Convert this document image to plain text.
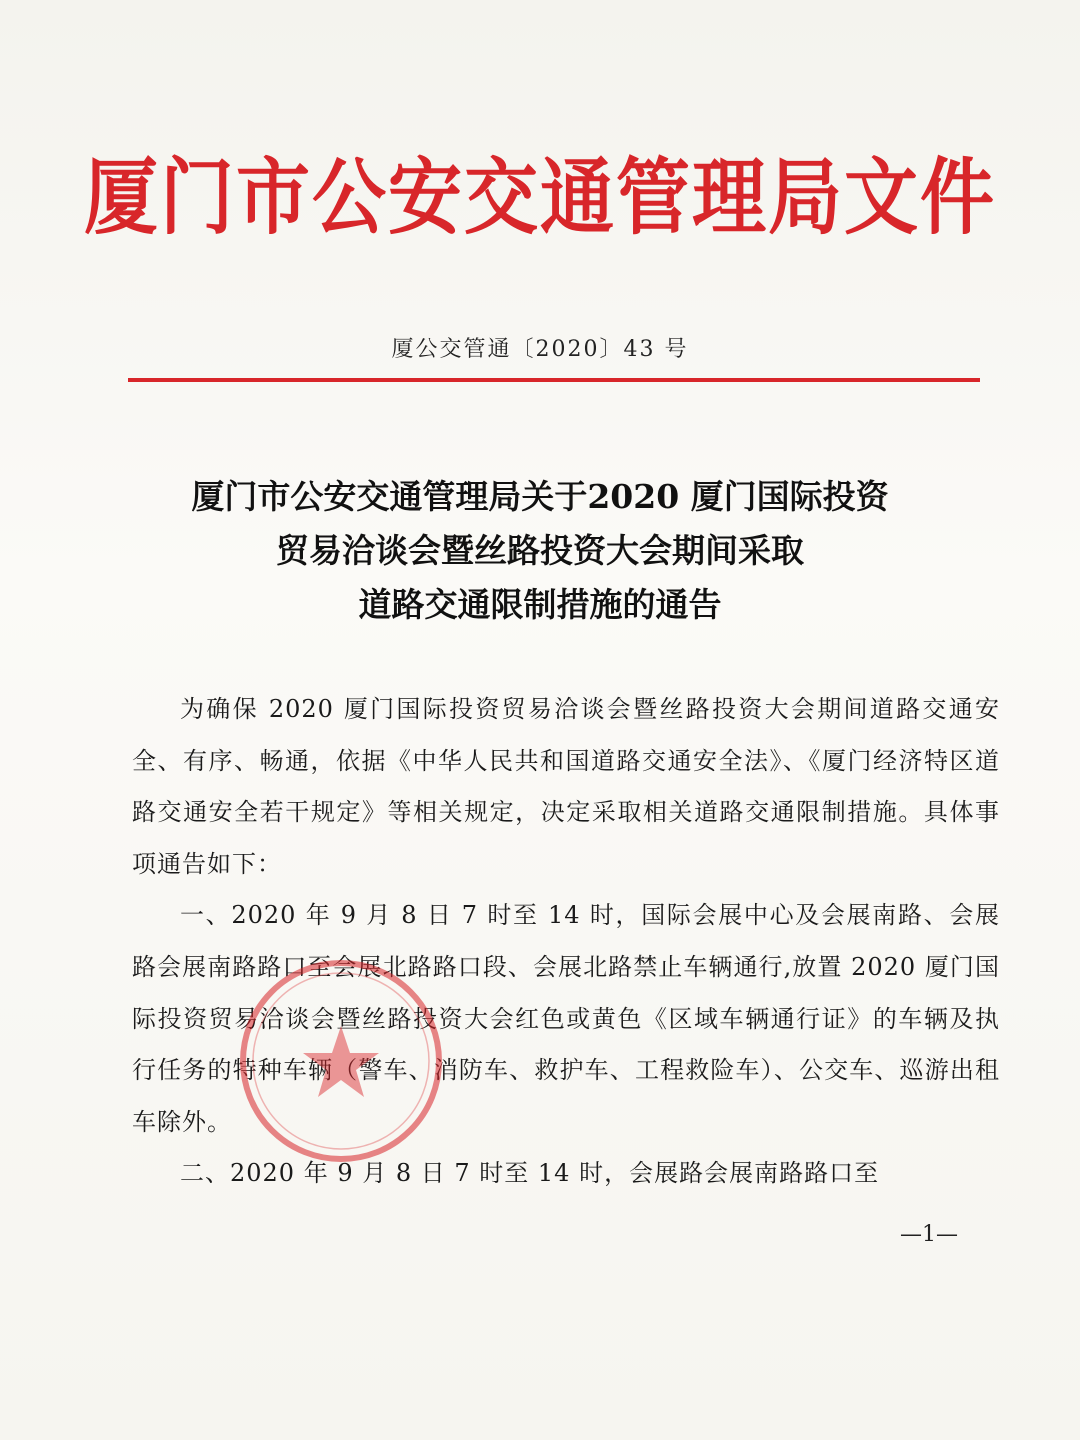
厦门市公安交通管理局文件
厦公交管通〔2020〕43 号
厦门市公安交通管理局关于2020 厦门国际投资
贸易洽谈会暨丝路投资大会期间采取
道路交通限制措施的通告

为确保 2020 厦门国际投资贸易洽谈会暨丝路投资大会期间道路交通安全、有序、畅通，依据《中华人民共和国道路交通安全法》、《厦门经济特区道路交通安全若干规定》等相关规定，决定采取相关道路交通限制措施。具体事项通告如下：

一、2020 年 9 月 8 日 7 时至 14 时，国际会展中心及会展南路、会展路会展南路路口至会展北路路口段、会展北路禁止车辆通行,放置 2020 厦门国际投资贸易洽谈会暨丝路投资大会红色或黄色《区域车辆通行证》的车辆及执行任务的特种车辆（警车、消防车、救护车、工程救险车）、公交车、巡游出租车除外。

二、2020 年 9 月 8 日 7 时至 14 时，会展路会展南路路口至

—1—
